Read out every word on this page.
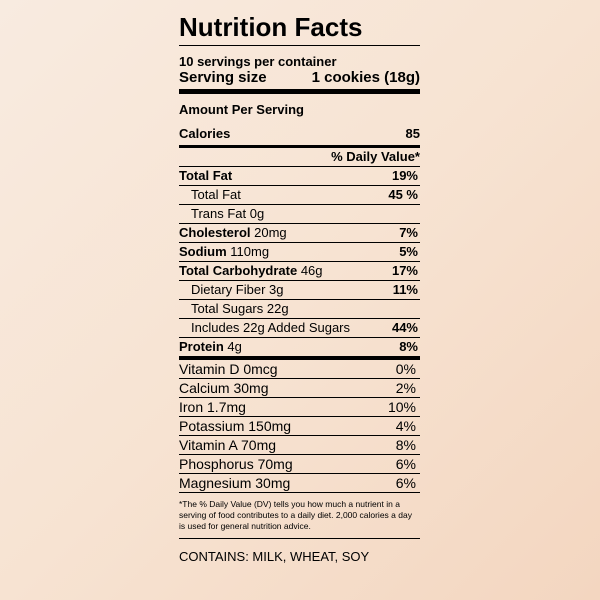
Nutrition Facts
10 servings per container
Serving size	1 cookies (18g)
Amount Per Serving
Calories	85
% Daily Value*
Total Fat	19%
Total Fat	45 %
Trans Fat 0g
Cholesterol 20mg	7%
Sodium 110mg	5%
Total Carbohydrate 46g	17%
Dietary Fiber 3g	11%
Total Sugars 22g
Includes 22g Added Sugars	44%
Protein 4g	8%
Vitamin D 0mcg	0%
Calcium 30mg	2%
Iron 1.7mg	10%
Potassium 150mg	4%
Vitamin A 70mg	8%
Phosphorus 70mg	6%
Magnesium 30mg	6%
*The % Daily Value (DV) tells you how much a nutrient in a serving of food contributes to a daily diet. 2,000 calories a day is used for general nutrition advice.
CONTAINS: MILK, WHEAT, SOY
